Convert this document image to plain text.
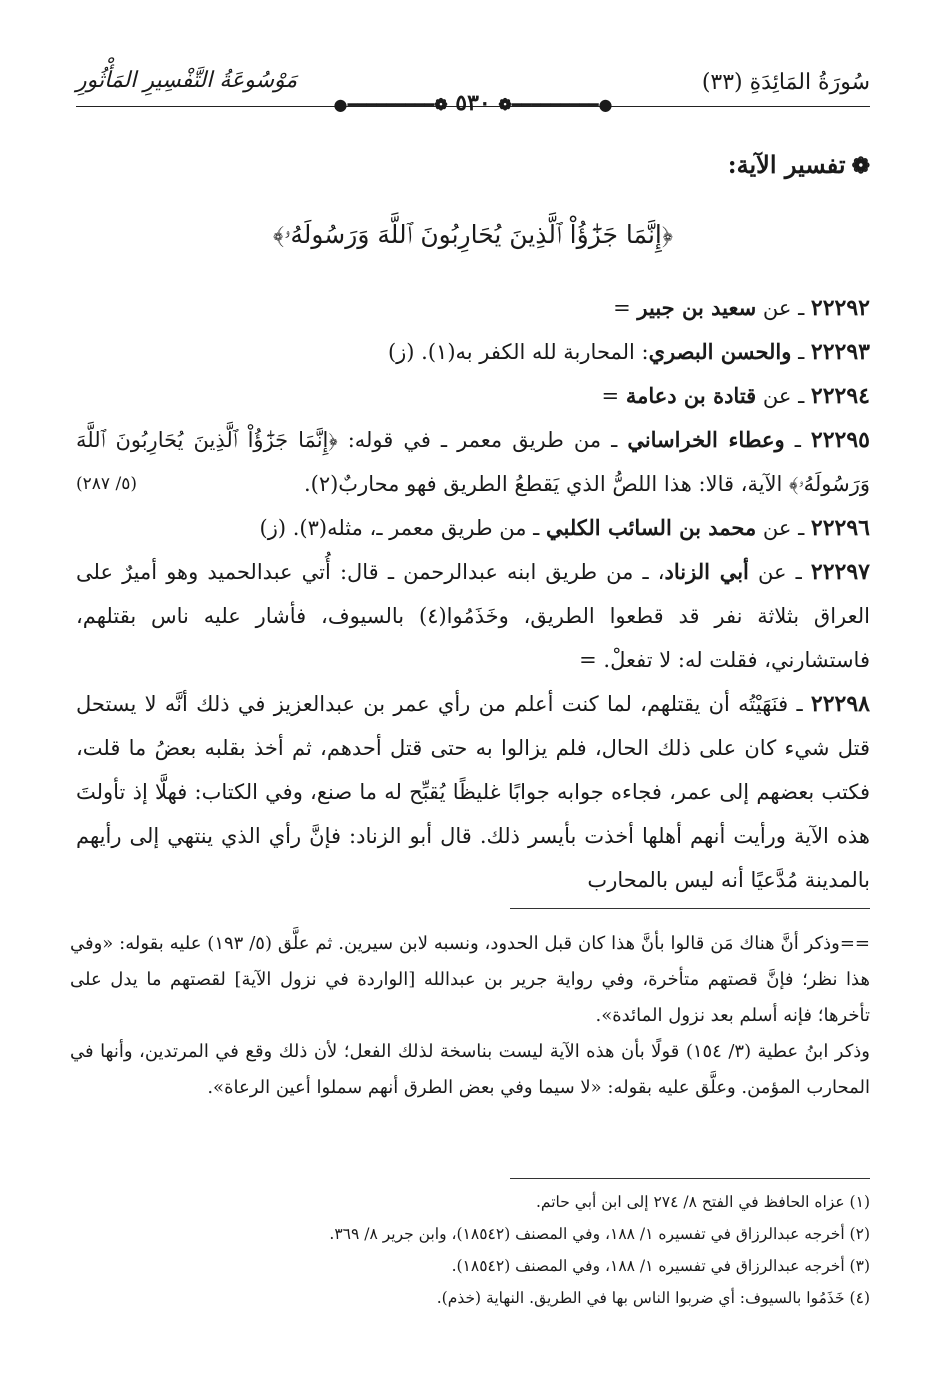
سُورَةُ المَائِدَةِ (٣٣)
مَوْسُوعَةُ التَّفْسِيرِ المَأْثُورِ
●━━━━━━━━━❁ ٥٣٠ ❁━━━━━━━━━●
❁تفسير الآية:
﴿إِنَّمَا جَزَٰٓؤُاْ ٱلَّذِينَ يُحَارِبُونَ ٱللَّهَ وَرَسُولَهُۥ﴾
٢٢٢٩٢ ـ عن سعيد بن جبير =
٢٢٢٩٣ ـ والحسن البصري: المحاربة لله الكفر به(١). (ز)
٢٢٢٩٤ ـ عن قتادة بن دعامة =
٢٢٢٩٥ ـ وعطاء الخراساني ـ من طريق معمر ـ في قوله: ﴿إِنَّمَا جَزَٰٓؤُاْ ٱلَّذِينَ يُحَارِبُونَ ٱللَّهَ وَرَسُولَهُۥ﴾ الآية، قالا: هذا اللصُّ الذي يَقطعُ الطريق فهو محاربٌ(٢).
(٥/ ٢٨٧)
٢٢٢٩٦ ـ عن محمد بن السائب الكلبي ـ من طريق معمر ـ، مثله(٣). (ز)
٢٢٢٩٧ ـ عن أبي الزناد، ـ من طريق ابنه عبدالرحمن ـ قال: أُتي عبدالحميد وهو أميرٌ على العراق بثلاثة نفر قد قطعوا الطريق، وخَذَمُوا(٤) بالسيوف، فأشار عليه ناس بقتلهم، فاستشارني، فقلت له: لا تفعلْ. =
٢٢٢٩٨ ـ فنَهَيْتُه أن يقتلهم، لما كنت أعلم من رأي عمر بن عبدالعزيز في ذلك أنَّه لا يستحل قتل شيء كان على ذلك الحال، فلم يزالوا به حتى قتل أحدهم، ثم أخذ بقلبه بعضُ ما قلت، فكتب بعضهم إلى عمر، فجاءه جوابه جوابًا غليظًا يُقبِّح له ما صنع، وفي الكتاب: فهلَّا إذ تأولتَ هذه الآية ورأيت أنهم أهلها أخذت بأيسر ذلك. قال أبو الزناد: فإنَّ رأي الذي ينتهي إلى رأيهم بالمدينة مُدَّعيًا أنه ليس بالمحارب
==وذكر أنَّ هناك مَن قالوا بأنَّ هذا كان قبل الحدود، ونسبه لابن سيرين. ثم علَّق (٥/ ١٩٣) عليه بقوله: «وفي هذا نظر؛ فإنَّ قصتهم متأخرة، وفي رواية جرير بن عبدالله [الواردة في نزول الآية] لقصتهم ما يدل على تأخرها؛ فإنه أسلم بعد نزول المائدة».
وذكر ابنُ عطية (٣/ ١٥٤) قولًا بأن هذه الآية ليست بناسخة لذلك الفعل؛ لأن ذلك وقع في المرتدين، وأنها في المحارب المؤمن. وعلَّق عليه بقوله: «لا سيما وفي بعض الطرق أنهم سملوا أعين الرعاة».
(١) عزاه الحافظ في الفتح ٨/ ٢٧٤ إلى ابن أبي حاتم.
(٢) أخرجه عبدالرزاق في تفسيره ١/ ١٨٨، وفي المصنف (١٨٥٤٢)، وابن جرير ٨/ ٣٦٩.
(٣) أخرجه عبدالرزاق في تفسيره ١/ ١٨٨، وفي المصنف (١٨٥٤٢).
(٤) خَذَمُوا بالسيوف: أي ضربوا الناس بها في الطريق. النهاية (خذم).
